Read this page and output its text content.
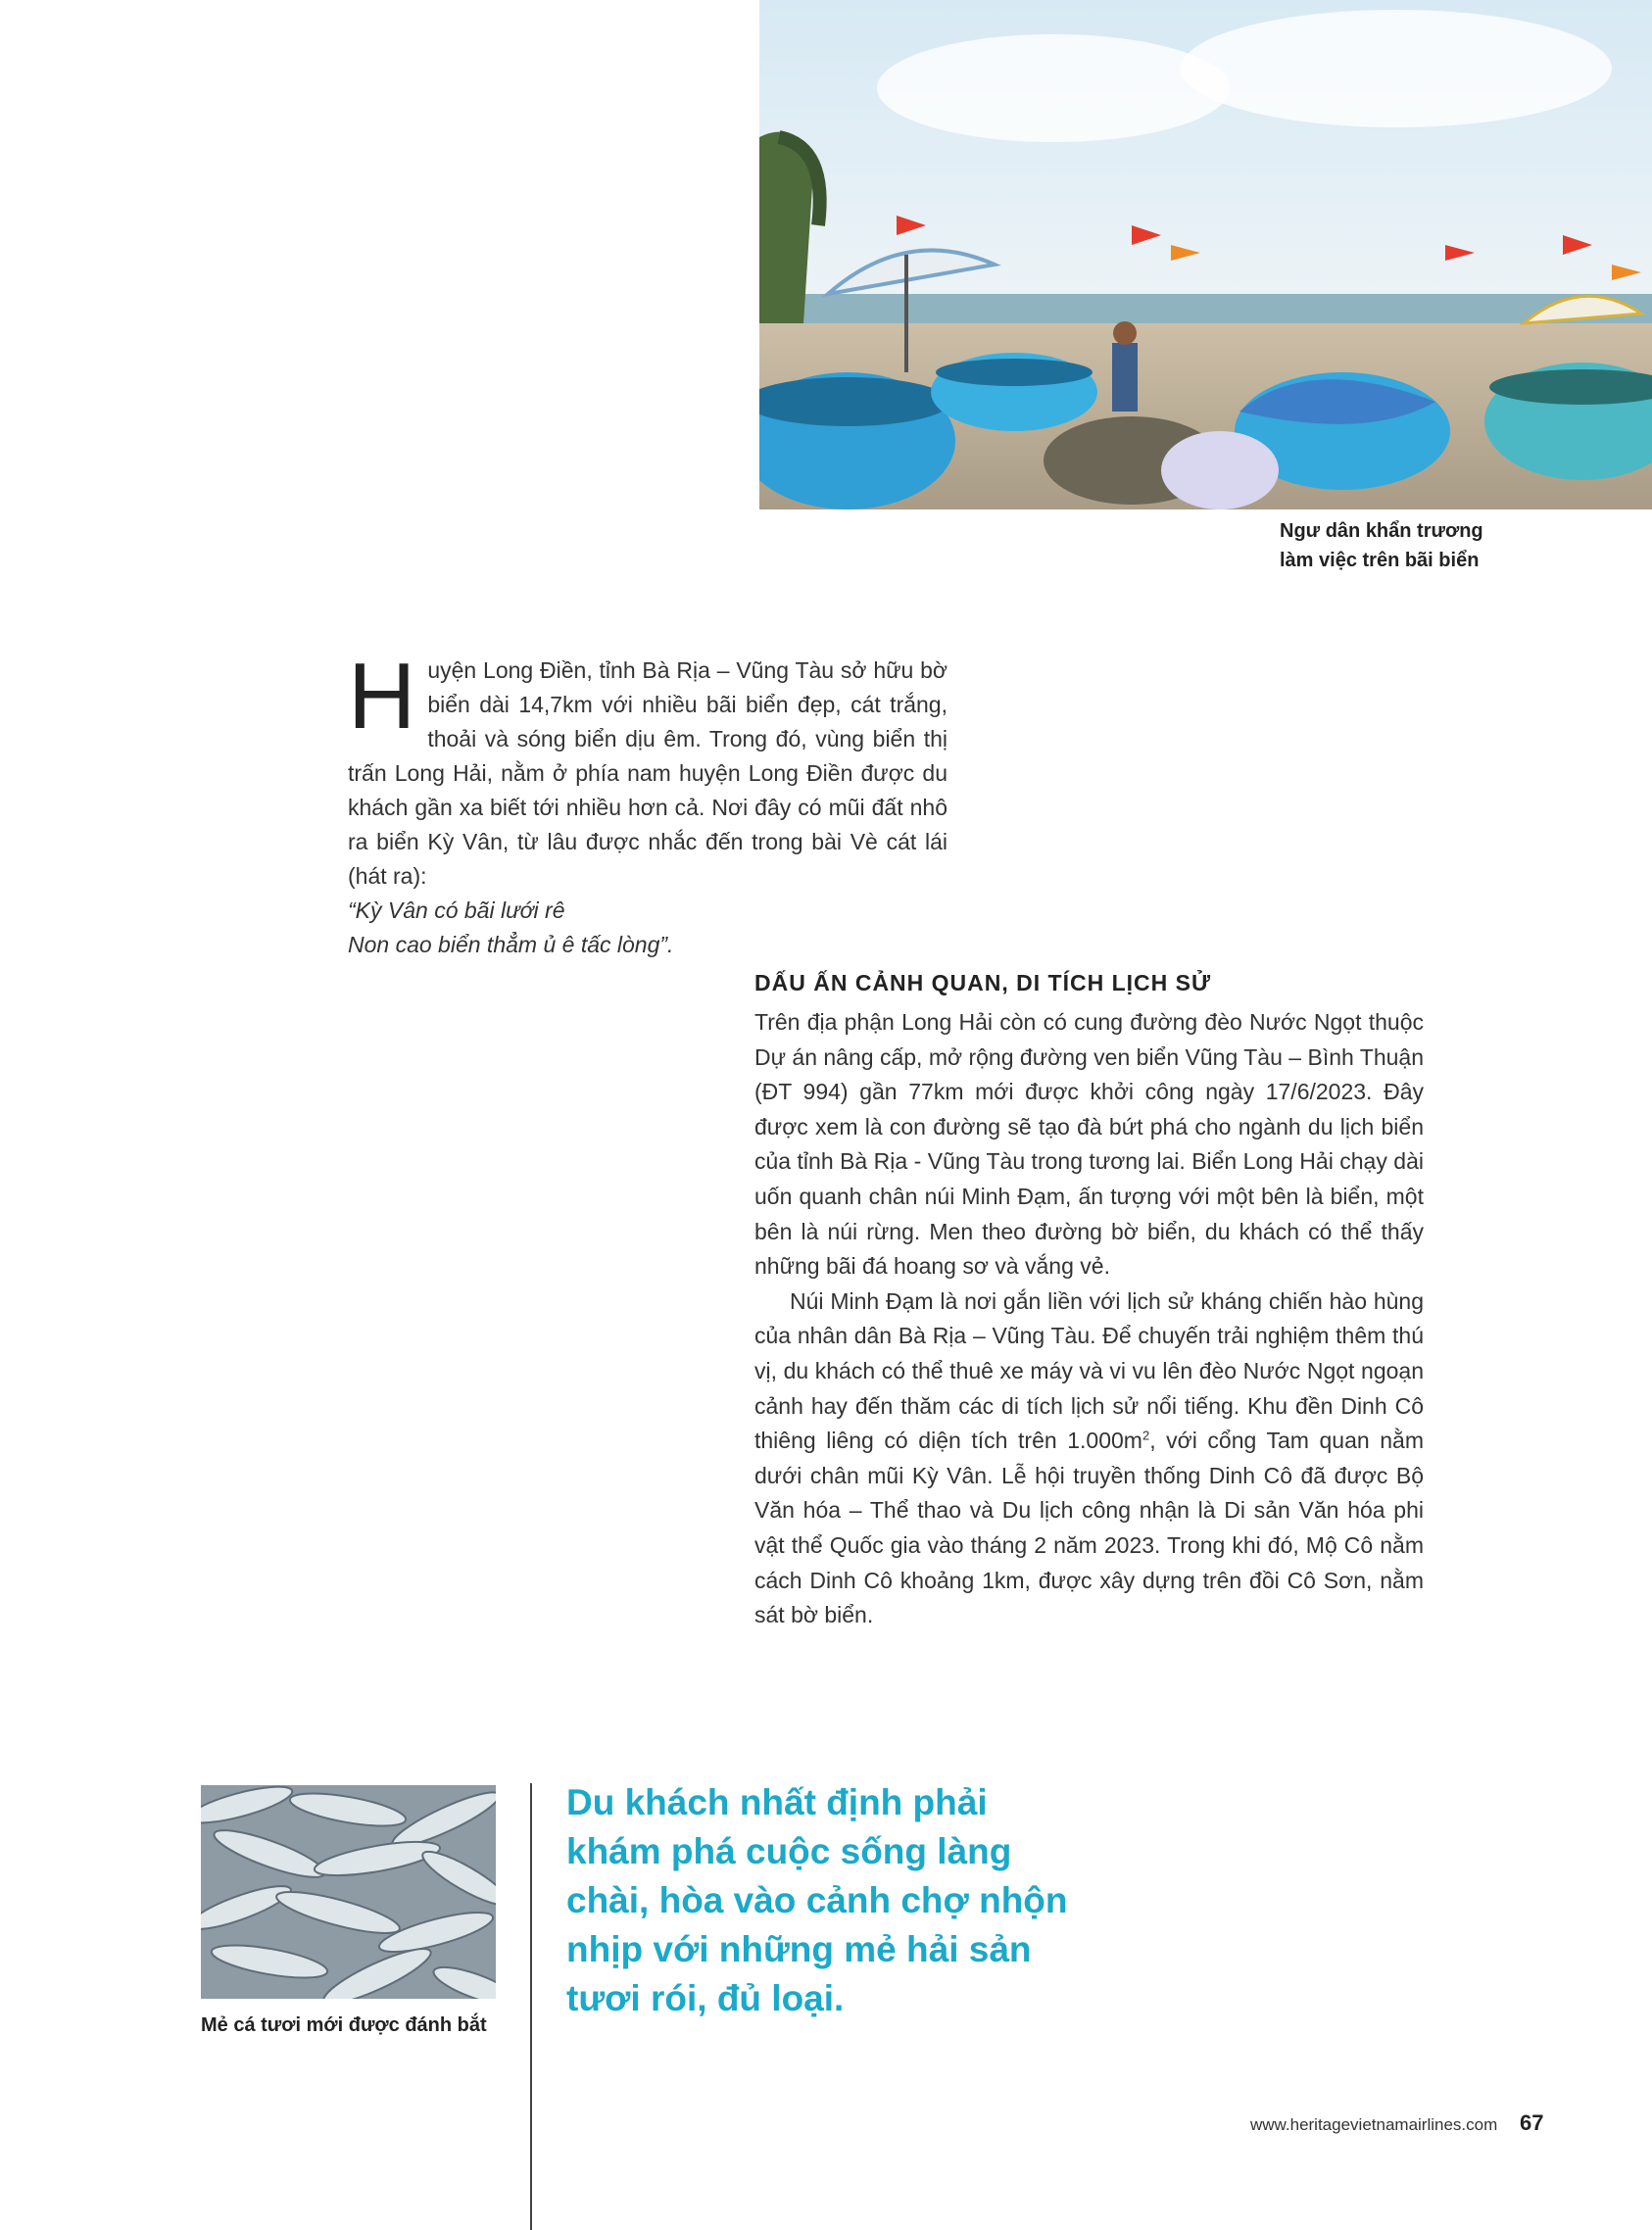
Ngư dân khẩn trương
làm việc trên bãi biển

Huyện Long Điền, tỉnh Bà Rịa – Vũng Tàu sở hữu bờ biển dài 14,7km với nhiều bãi biển đẹp, cát trắng, thoải và sóng biển dịu êm. Trong đó, vùng biển thị trấn Long Hải, nằm ở phía nam huyện Long Điền được du khách gần xa biết tới nhiều hơn cả. Nơi đây có mũi đất nhô ra biển Kỳ Vân, từ lâu được nhắc đến trong bài Vè cát lái (hát ra):

“Kỳ Vân có bãi lưới rê

Non cao biển thẳm ủ ê tấc lòng”.

DẤU ẤN CẢNH QUAN, DI TÍCH LỊCH SỬ

Trên địa phận Long Hải còn có cung đường đèo Nước Ngọt thuộc Dự án nâng cấp, mở rộng đường ven biển Vũng Tàu – Bình Thuận (ĐT 994) gần 77km mới được khởi công ngày 17/6/2023. Đây được xem là con đường sẽ tạo đà bứt phá cho ngành du lịch biển của tỉnh Bà Rịa - Vũng Tàu trong tương lai. Biển Long Hải chạy dài uốn quanh chân núi Minh Đạm, ấn tượng với một bên là biển, một bên là núi rừng. Men theo đường bờ biển, du khách có thể thấy những bãi đá hoang sơ và vắng vẻ.

Núi Minh Đạm là nơi gắn liền với lịch sử kháng chiến hào hùng của nhân dân Bà Rịa – Vũng Tàu. Để chuyến trải nghiệm thêm thú vị, du khách có thể thuê xe máy và vi vu lên đèo Nước Ngọt ngoạn cảnh hay đến thăm các di tích lịch sử nổi tiếng. Khu đền Dinh Cô thiêng liêng có diện tích trên $1.000m^2$, với cổng Tam quan nằm dưới chân mũi Kỳ Vân. Lễ hội truyền thống Dinh Cô đã được Bộ Văn hóa – Thể thao và Du lịch công nhận là Di sản Văn hóa phi vật thể Quốc gia vào tháng 2 năm 2023. Trong khi đó, Mộ Cô nằm cách Dinh Cô khoảng 1km, được xây dựng trên đồi Cô Sơn, nằm sát bờ biển.

Mẻ cá tươi mới được đánh bắt
Du khách nhất định phải
khám phá cuộc sống làng
chài, hòa vào cảnh chợ nhộn
nhịp với những mẻ hải sản
tươi rói, đủ loại.
www.heritagevietnamairlines.com 67
